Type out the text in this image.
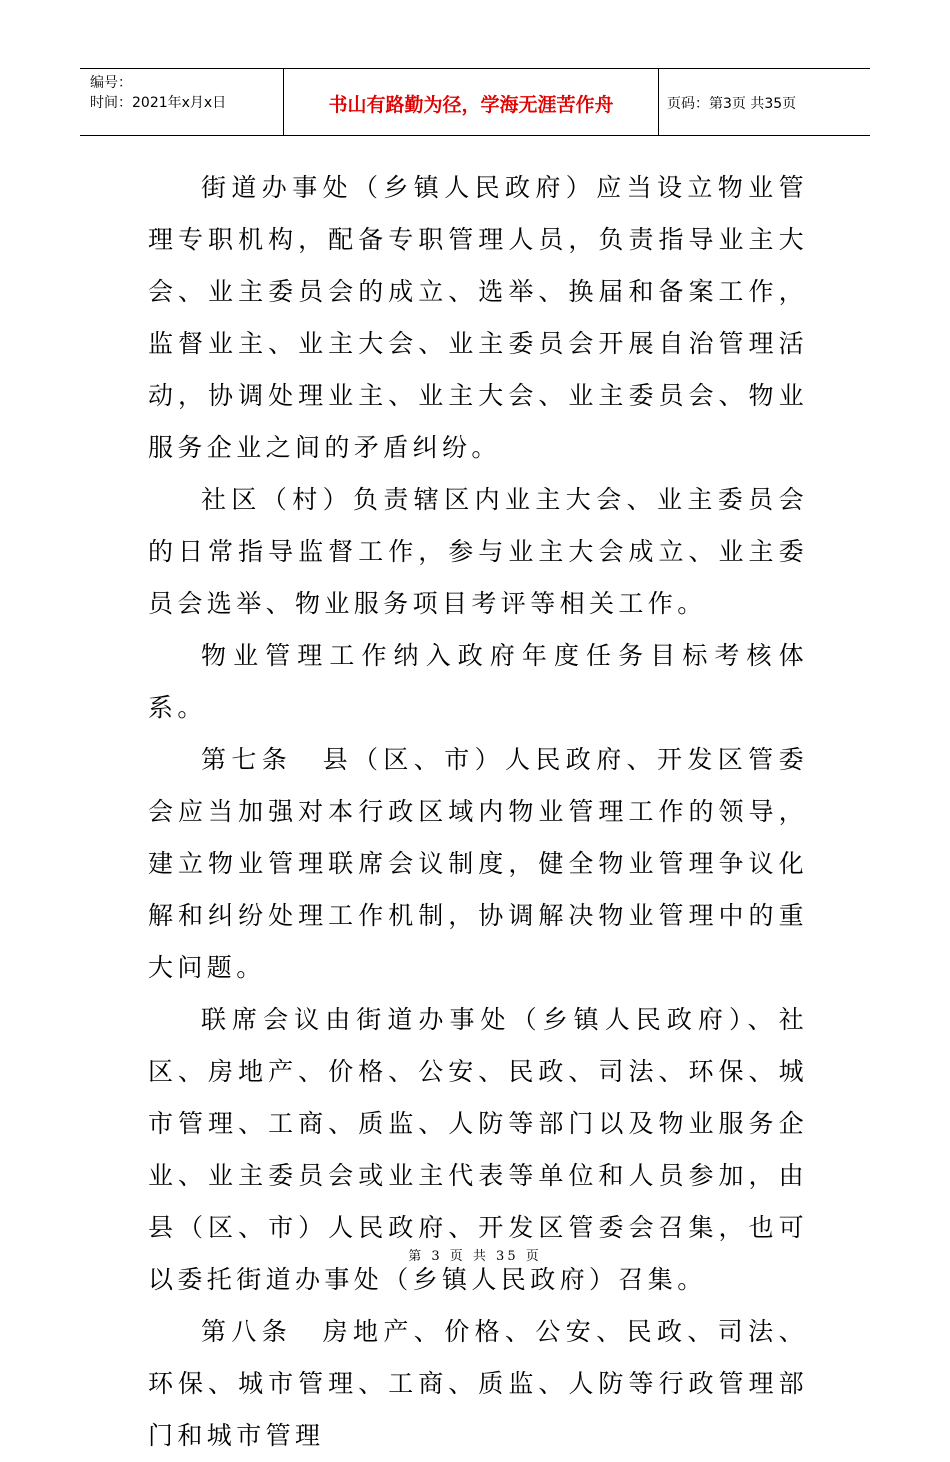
编号：
时间：2021年x月x日	书山有路勤为径，学海无涯苦作舟	页码：第3页 共35页

街道办事处（乡镇人民政府）应当设立物业管理专职机构，配备专职管理人员，负责指导业主大会、业主委员会的成立、选举、换届和备案工作，监督业主、业主大会、业主委员会开展自治管理活动，协调处理业主、业主大会、业主委员会、物业服务企业之间的矛盾纠纷。

社区（村）负责辖区内业主大会、业主委员会的日常指导监督工作，参与业主大会成立、业主委员会选举、物业服务项目考评等相关工作。

物业管理工作纳入政府年度任务目标考核体系。

第七条　县（区、市）人民政府、开发区管委会应当加强对本行政区域内物业管理工作的领导，建立物业管理联席会议制度，健全物业管理争议化解和纠纷处理工作机制，协调解决物业管理中的重大问题。

联席会议由街道办事处（乡镇人民政府）、社区、房地产、价格、公安、民政、司法、环保、城市管理、工商、质监、人防等部门以及物业服务企业、业主委员会或业主代表等单位和人员参加，由县（区、市）人民政府、开发区管委会召集，也可以委托街道办事处（乡镇人民政府）召集。

第八条　房地产、价格、公安、民政、司法、环保、城市管理、工商、质监、人防等行政管理部门和城市管理

第 3 页 共 35 页
